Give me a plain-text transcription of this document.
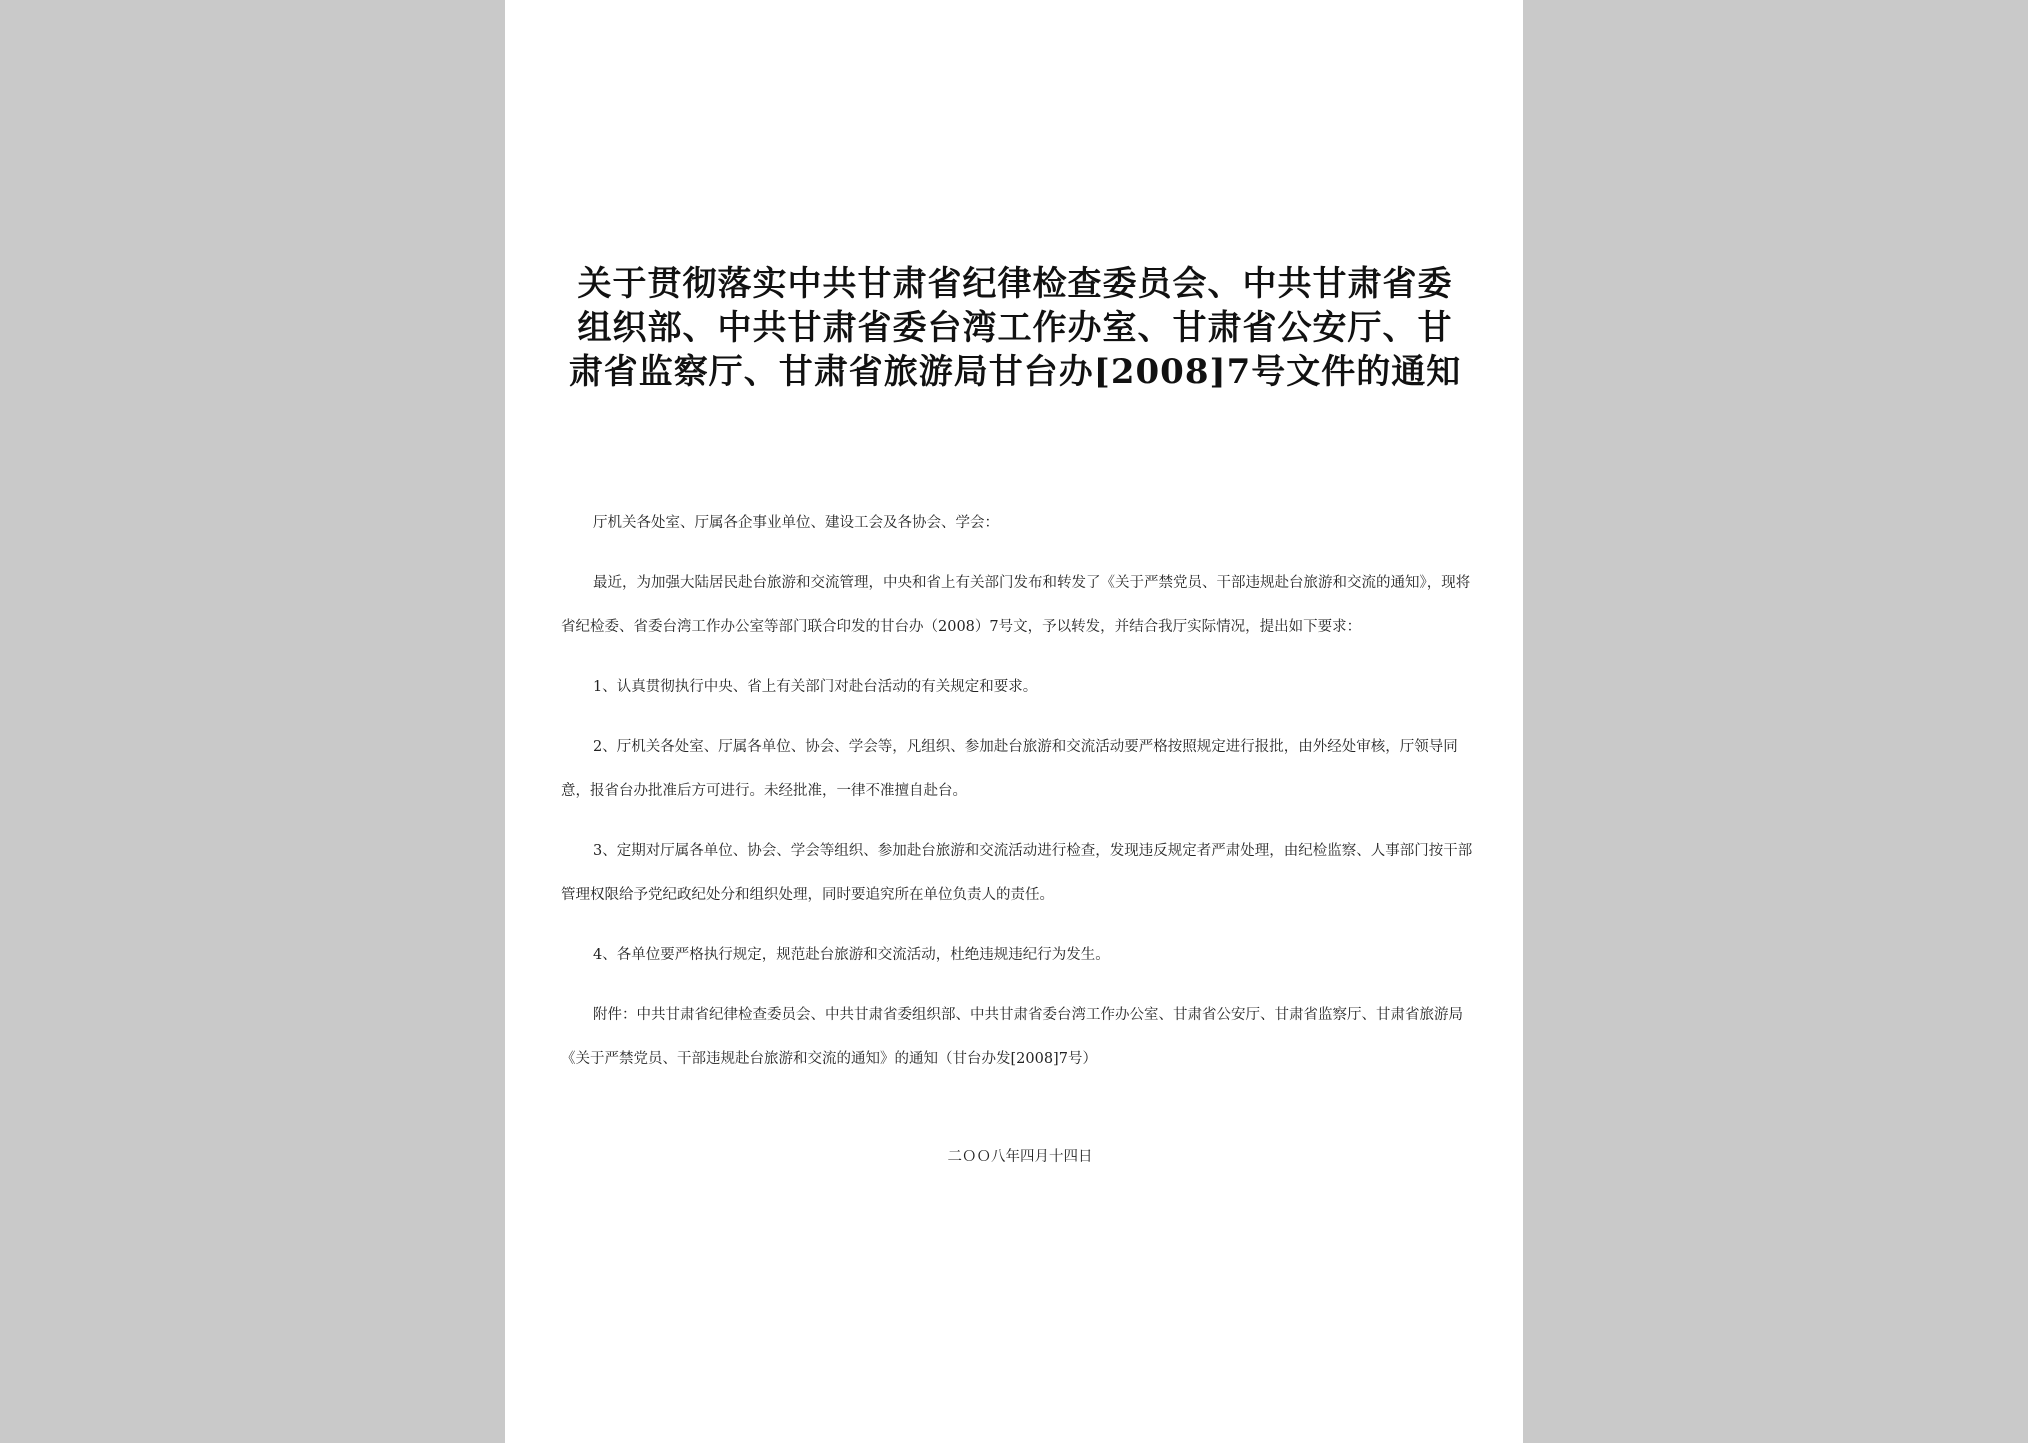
关于贯彻落实中共甘肃省纪律检查委员会、中共甘肃省委组织部、中共甘肃省委台湾工作办室、甘肃省公安厅、甘肃省监察厅、甘肃省旅游局甘台办[2008]7号文件的通知

厅机关各处室、厅属各企事业单位、建设工会及各协会、学会：

最近，为加强大陆居民赴台旅游和交流管理，中央和省上有关部门发布和转发了《关于严禁党员、干部违规赴台旅游和交流的通知》，现将省纪检委、省委台湾工作办公室等部门联合印发的甘台办（2008）7号文，予以转发，并结合我厅实际情况，提出如下要求：

1、认真贯彻执行中央、省上有关部门对赴台活动的有关规定和要求。

2、厅机关各处室、厅属各单位、协会、学会等，凡组织、参加赴台旅游和交流活动要严格按照规定进行报批，由外经处审核，厅领导同意，报省台办批准后方可进行。未经批准，一律不准擅自赴台。

3、定期对厅属各单位、协会、学会等组织、参加赴台旅游和交流活动进行检查，发现违反规定者严肃处理，由纪检监察、人事部门按干部管理权限给予党纪政纪处分和组织处理，同时要追究所在单位负责人的责任。

4、各单位要严格执行规定，规范赴台旅游和交流活动，杜绝违规违纪行为发生。

附件：中共甘肃省纪律检查委员会、中共甘肃省委组织部、中共甘肃省委台湾工作办公室、甘肃省公安厅、甘肃省监察厅、甘肃省旅游局《关于严禁党员、干部违规赴台旅游和交流的通知》的通知（甘台办发[2008]7号）

二ＯＯ八年四月十四日
